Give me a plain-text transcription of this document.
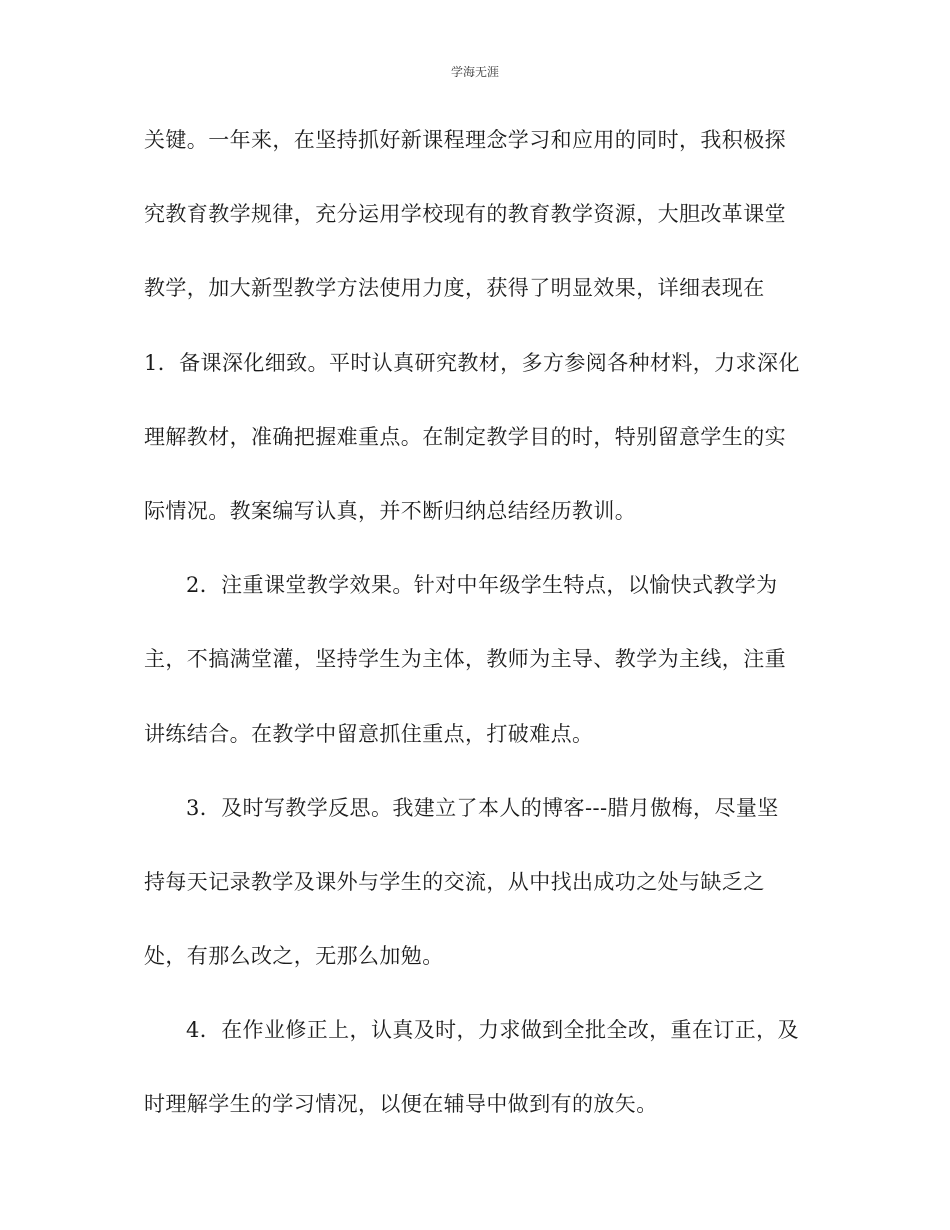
学海无涯
关键。一年来，在坚持抓好新课程理念学习和应用的同时，我积极探
究教育教学规律，充分运用学校现有的教育教学资源，大胆改革课堂
教学，加大新型教学方法使用力度，获得了明显效果，详细表现在
1．备课深化细致。平时认真研究教材，多方参阅各种材料，力求深化
理解教材，准确把握难重点。在制定教学目的时，特别留意学生的实
际情况。教案编写认真，并不断归纳总结经历教训。
2．注重课堂教学效果。针对中年级学生特点，以愉快式教学为
主，不搞满堂灌，坚持学生为主体，教师为主导、教学为主线，注重
讲练结合。在教学中留意抓住重点，打破难点。
3．及时写教学反思。我建立了本人的博客---腊月傲梅，尽量坚
持每天记录教学及课外与学生的交流，从中找出成功之处与缺乏之
处，有那么改之，无那么加勉。
4．在作业修正上，认真及时，力求做到全批全改，重在订正，及
时理解学生的学习情况，以便在辅导中做到有的放矢。
